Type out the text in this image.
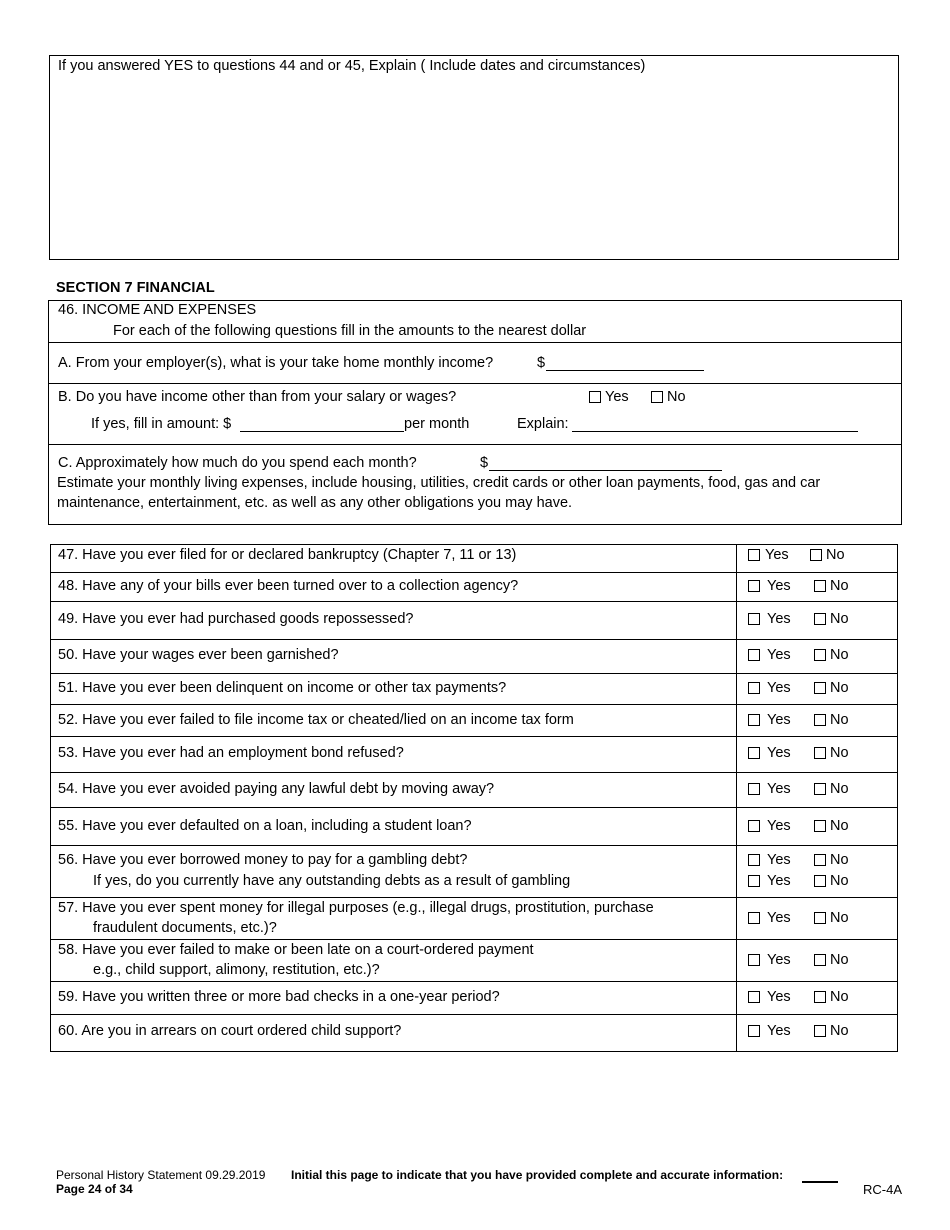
If you answered YES to questions 44 and or 45, Explain ( Include dates and circumstances)
SECTION 7 FINANCIAL
46. INCOME AND EXPENSES
For each of the following questions fill in the amounts to the nearest dollar
A. From your employer(s), what is your take home monthly income?	$
B. Do you have income other than from your salary or wages?	Yes	No
If yes, fill in amount: $	per month	Explain:
C. Approximately how much do you spend each month?	$
Estimate your monthly living expenses, include housing, utilities, credit cards or other loan payments, food, gas and car
maintenance, entertainment, etc. as well as any other obligations you may have.
47. Have you ever filed for or declared bankruptcy (Chapter 7, 11 or 13)	Yes	No
48. Have any of your bills ever been turned over to a collection agency?	Yes	No
49. Have you ever had purchased goods repossessed?	Yes	No
50. Have your wages ever been garnished?	Yes	No
51. Have you ever been delinquent on income or other tax payments?	Yes	No
52. Have you ever failed to file income tax or cheated/lied on an income tax form	Yes	No
53. Have you ever had an employment bond refused?	Yes	No
54. Have you ever avoided paying any lawful debt by moving away?	Yes	No
55. Have you ever defaulted on a loan, including a student loan?	Yes	No
56. Have you ever borrowed money to pay for a gambling debt?
If yes, do you currently have any outstanding debts as a result of gambling
Yes	No
Yes	No
57. Have you ever spent money for illegal purposes (e.g., illegal drugs, prostitution, purchase
fraudulent documents, etc.)?
Yes	No
58. Have you ever failed to make or been late on a court-ordered payment
e.g., child support, alimony, restitution, etc.)?
Yes	No
59. Have you written three or more bad checks in a one-year period?	Yes	No
60. Are you in arrears on court ordered child support?	Yes	No
Personal History Statement 09.29.2019 Initial this page to indicate that you have provided complete and accurate information:
Page 24 of 34	RC-4A
